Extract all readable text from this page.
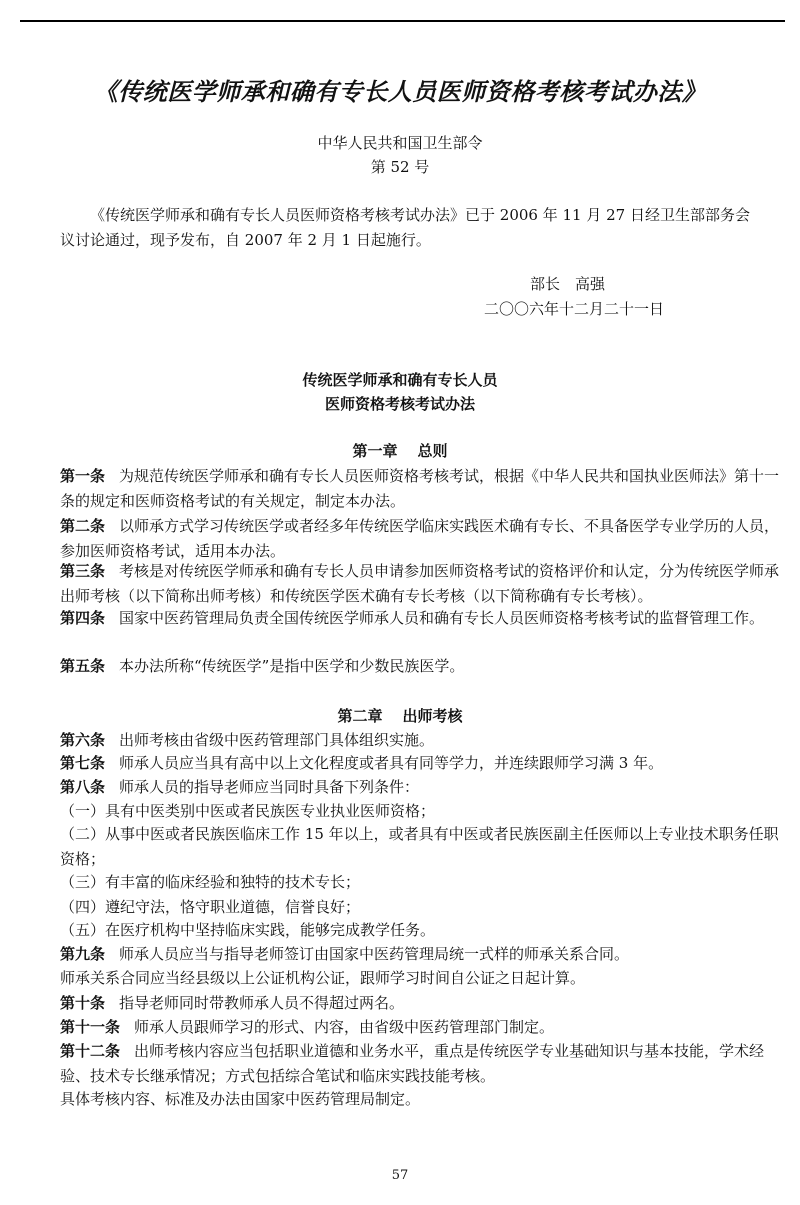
《传统医学师承和确有专长人员医师资格考核考试办法》
中华人民共和国卫生部令
第 52 号
《传统医学师承和确有专长人员医师资格考核考试办法》已于 2006 年 11 月 27 日经卫生部部务会议讨论通过，现予发布，自 2007 年 2 月 1 日起施行。
部长　高强
二〇〇六年十二月二十一日
传统医学师承和确有专长人员
医师资格考核考试办法
第一章 总则
第一条 为规范传统医学师承和确有专长人员医师资格考核考试，根据《中华人民共和国执业医师法》第十一条的规定和医师资格考试的有关规定，制定本办法。
第二条 以师承方式学习传统医学或者经多年传统医学临床实践医术确有专长、不具备医学专业学历的人员，参加医师资格考试，适用本办法。
第三条 考核是对传统医学师承和确有专长人员申请参加医师资格考试的资格评价和认定，分为传统医学师承出师考核（以下简称出师考核）和传统医学医术确有专长考核（以下简称确有专长考核）。
第四条 国家中医药管理局负责全国传统医学师承人员和确有专长人员医师资格考核考试的监督管理工作。
第五条 本办法所称“传统医学”是指中医学和少数民族医学。
第二章 出师考核
第六条 出师考核由省级中医药管理部门具体组织实施。
第七条 师承人员应当具有高中以上文化程度或者具有同等学力，并连续跟师学习满 3 年。
第八条 师承人员的指导老师应当同时具备下列条件：
（一）具有中医类别中医或者民族医专业执业医师资格；
（二）从事中医或者民族医临床工作 15 年以上，或者具有中医或者民族医副主任医师以上专业技术职务任职资格；
（三）有丰富的临床经验和独特的技术专长；
（四）遵纪守法，恪守职业道德，信誉良好；
（五）在医疗机构中坚持临床实践，能够完成教学任务。
第九条 师承人员应当与指导老师签订由国家中医药管理局统一式样的师承关系合同。
师承关系合同应当经县级以上公证机构公证，跟师学习时间自公证之日起计算。
第十条 指导老师同时带教师承人员不得超过两名。
第十一条 师承人员跟师学习的形式、内容，由省级中医药管理部门制定。
第十二条 出师考核内容应当包括职业道德和业务水平，重点是传统医学专业基础知识与基本技能，学术经验、技术专长继承情况；方式包括综合笔试和临床实践技能考核。
具体考核内容、标准及办法由国家中医药管理局制定。
57
